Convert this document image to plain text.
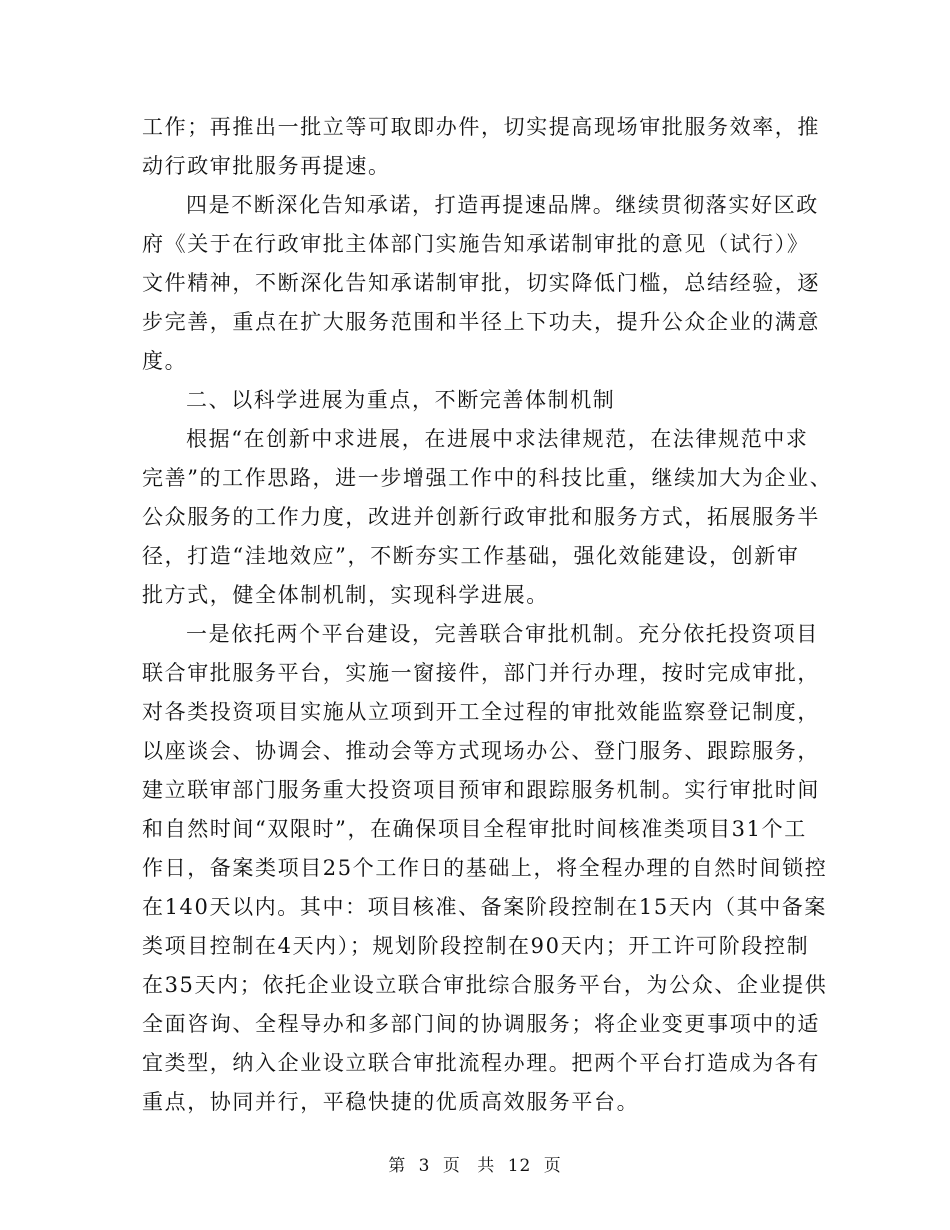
工作；再推出一批立等可取即办件，切实提高现场审批服务效率，推
动行政审批服务再提速。
四是不断深化告知承诺，打造再提速品牌。继续贯彻落实好区政
府《关于在行政审批主体部门实施告知承诺制审批的意见（试行）》
文件精神，不断深化告知承诺制审批，切实降低门槛，总结经验，逐
步完善，重点在扩大服务范围和半径上下功夫，提升公众企业的满意
度。
二、以科学进展为重点，不断完善体制机制
根据“在创新中求进展，在进展中求法律规范，在法律规范中求
完善”的工作思路，进一步增强工作中的科技比重，继续加大为企业、
公众服务的工作力度，改进并创新行政审批和服务方式，拓展服务半
径，打造“洼地效应”，不断夯实工作基础，强化效能建设，创新审
批方式，健全体制机制，实现科学进展。
一是依托两个平台建设，完善联合审批机制。充分依托投资项目
联合审批服务平台，实施一窗接件，部门并行办理，按时完成审批，
对各类投资项目实施从立项到开工全过程的审批效能监察登记制度，
以座谈会、协调会、推动会等方式现场办公、登门服务、跟踪服务，
建立联审部门服务重大投资项目预审和跟踪服务机制。实行审批时间
和自然时间“双限时”，在确保项目全程审批时间核准类项目31个工
作日，备案类项目25个工作日的基础上，将全程办理的自然时间锁控
在140天以内。其中：项目核准、备案阶段控制在15天内（其中备案
类项目控制在4天内）；规划阶段控制在90天内；开工许可阶段控制
在35天内；依托企业设立联合审批综合服务平台，为公众、企业提供
全面咨询、全程导办和多部门间的协调服务；将企业变更事项中的适
宜类型，纳入企业设立联合审批流程办理。把两个平台打造成为各有
重点，协同并行，平稳快捷的优质高效服务平台。
第 3 页 共 12 页
